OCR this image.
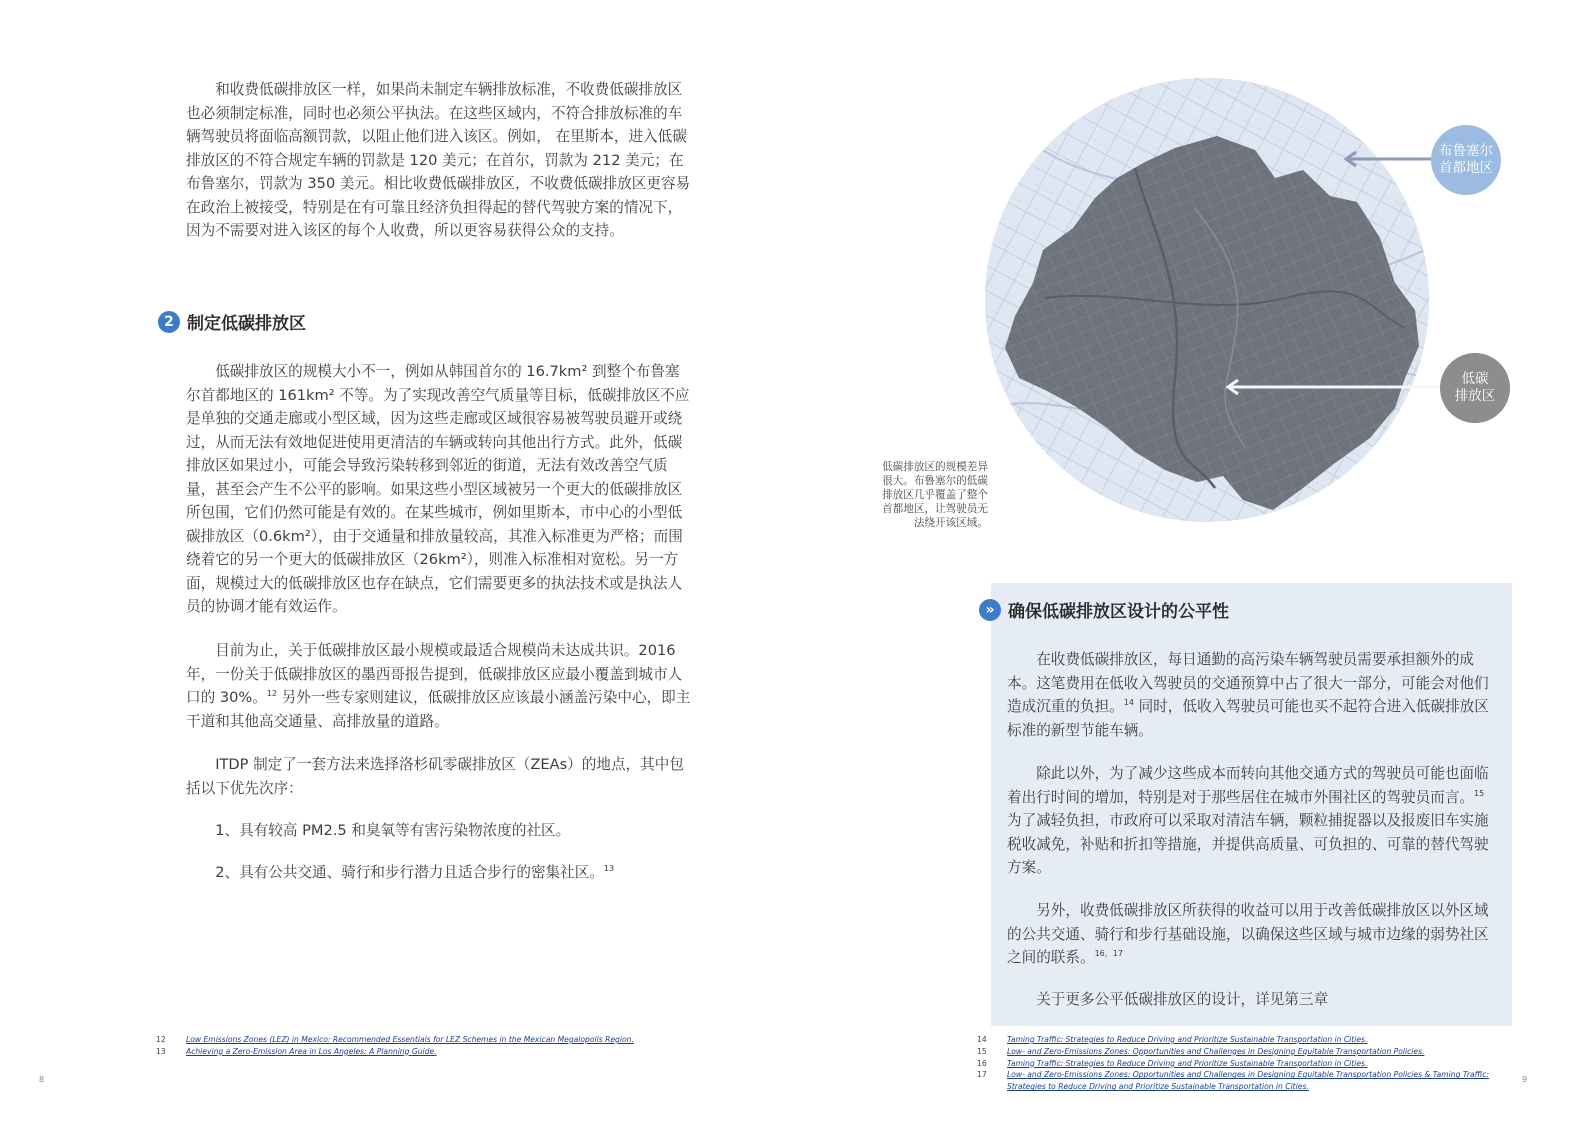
和收费低碳排放区一样，如果尚未制定车辆排放标准，不收费低碳排放区也必须制定标准，同时也必须公平执法。在这些区域内，不符合排放标准的车辆驾驶员将面临高额罚款，以阻止他们进入该区。例如， 在里斯本，进入低碳排放区的不符合规定车辆的罚款是 120 美元；在首尔，罚款为 212 美元；在布鲁塞尔，罚款为 350 美元。相比收费低碳排放区，不收费低碳排放区更容易在政治上被接受，特别是在有可靠且经济负担得起的替代驾驶方案的情况下，因为不需要对进入该区的每个人收费，所以更容易获得公众的支持。

2 制定低碳排放区

低碳排放区的规模大小不一，例如从韩国首尔的 16.7km² 到整个布鲁塞尔首都地区的 161km² 不等。为了实现改善空气质量等目标，低碳排放区不应是单独的交通走廊或小型区域，因为这些走廊或区域很容易被驾驶员避开或绕过，从而无法有效地促进使用更清洁的车辆或转向其他出行方式。此外，低碳排放区如果过小，可能会导致污染转移到邻近的街道，无法有效改善空气质量，甚至会产生不公平的影响。如果这些小型区域被另一个更大的低碳排放区所包围，它们仍然可能是有效的。在某些城市，例如里斯本，市中心的小型低碳排放区（0.6km²），由于交通量和排放量较高，其准入标准更为严格；而围绕着它的另一个更大的低碳排放区（26km²），则准入标准相对宽松。另一方面，规模过大的低碳排放区也存在缺点，它们需要更多的执法技术或是执法人员的协调才能有效运作。

目前为止，关于低碳排放区最小规模或最适合规模尚未达成共识。2016 年，一份关于低碳排放区的墨西哥报告提到，低碳排放区应最小覆盖到城市人口的 30%。$^{12}$ 另外一些专家则建议，低碳排放区应该最小涵盖污染中心，即主干道和其他高交通量、高排放量的道路。

ITDP 制定了一套方法来选择洛杉矶零碳排放区（ZEAs）的地点，其中包括以下优先次序：

1、具有较高 PM2.5 和臭氧等有害污染物浓度的社区。

2、具有公共交通、骑行和步行潜力且适合步行的密集社区。$^{13}$

12	Low Emissions Zones (LEZ) in Mexico: Recommended Essentials for LEZ Schemes in the Mexican Megalopolis Region.
13	Achieving a Zero-Emission Area in Los Angeles: A Planning Guide.
8
布鲁塞尔
首都地区
低碳
排放区

低碳排放区的规模差异很大。布鲁塞尔的低碳排放区几乎覆盖了整个首都地区，让驾驶员无法绕开该区域。

» 确保低碳排放区设计的公平性

在收费低碳排放区，每日通勤的高污染车辆驾驶员需要承担额外的成本。这笔费用在低收入驾驶员的交通预算中占了很大一部分，可能会对他们造成沉重的负担。$^{14}$ 同时，低收入驾驶员可能也买不起符合进入低碳排放区标准的新型节能车辆。

除此以外，为了减少这些成本而转向其他交通方式的驾驶员可能也面临着出行时间的增加，特别是对于那些居住在城市外围社区的驾驶员而言。$^{15}$为了减轻负担，市政府可以采取对清洁车辆，颗粒捕捉器以及报废旧车实施税收减免，补贴和折扣等措施，并提供高质量、可负担的、可靠的替代驾驶方案。

另外，收费低碳排放区所获得的收益可以用于改善低碳排放区以外区域的公共交通、骑行和步行基础设施，以确保这些区域与城市边缘的弱势社区之间的联系。$^{16,17}$

关于更多公平低碳排放区的设计，详见第三章

14	Taming Traffic: Strategies to Reduce Driving and Prioritize Sustainable Transportation in Cities.
15	Low- and Zero-Emissions Zones: Opportunities and Challenges in Designing Equitable Transportation Policies.
16	Taming Traffic: Strategies to Reduce Driving and Prioritize Sustainable Transportation in Cities.
17	Low- and Zero-Emissions Zones: Opportunities and Challenges in Designing Equitable Transportation Policies & Taming Traffic: Strategies to Reduce Driving and Prioritize Sustainable Transportation in Cities.
9
